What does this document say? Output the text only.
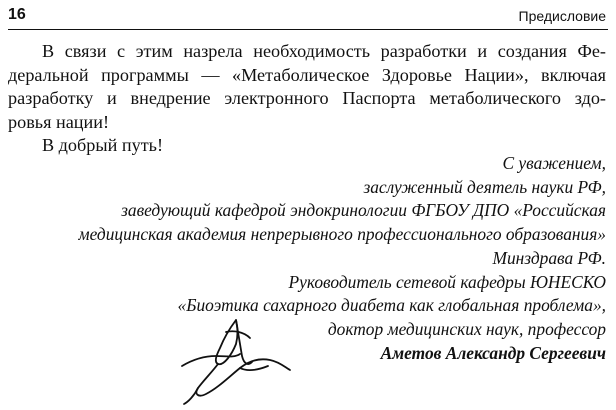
16	Предисловие
В связи с этим назрела необходимость разработки и создания Фе-
деральной программы — «Метаболическое Здоровье Нации», включая
разработку и внедрение электронного Паспорта метаболического здо-
ровья нации!
В добрый путь!
С уважением,
заслуженный деятель науки РФ,
заведующий кафедрой эндокринологии ФГБОУ ДПО «Российская
медицинская академия непрерывного профессионального образования»
Минздрава РФ.
Руководитель сетевой кафедры ЮНЕСКО
«Биоэтика сахарного диабета как глобальная проблема»,
доктор медицинских наук, профессор
Аметов Александр Сергеевич
